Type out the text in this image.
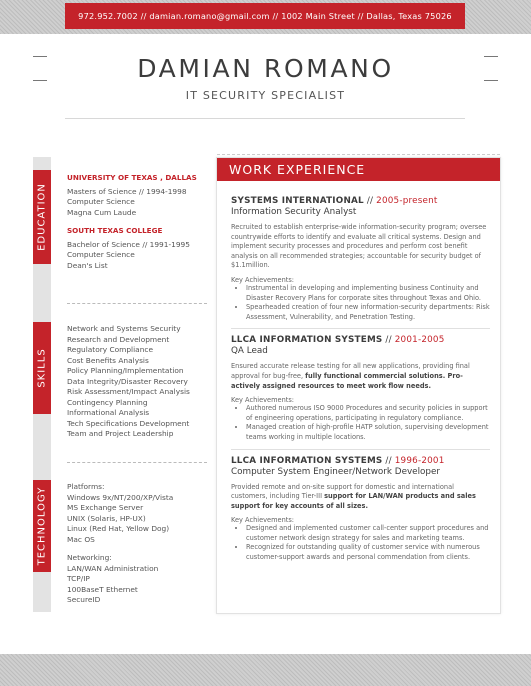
972.952.7002 // damian.romano@gmail.com // 1002 Main Street // Dallas, Texas 75026
DAMIAN ROMANO
IT SECURITY SPECIALIST
EDUCATION
SKILLS
TECHNOLOGY
UNIVERSITY OF TEXAS , DALLAS
Masters of Science // 1994-1998
Computer Science
Magna Cum Laude
SOUTH TEXAS COLLEGE
Bachelor of Science // 1991-1995
Computer Science
Dean's List
Network and Systems Security
Research and Development
Regulatory Compliance
Cost Benefits Analysis
Policy Planning/Implementation
Data Integrity/Disaster Recovery
Risk Assessment/Impact Analysis
Contingency Planning
Informational Analysis
Tech Specifications Development
Team and Project Leadership
Platforms:
Windows 9x/NT/200/XP/Vista
MS Exchange Server
UNIX (Solaris, HP-UX)
Linux (Red Hat, Yellow Dog)
Mac OS
Networking:
LAN/WAN Administration
TCP/IP
100BaseT Ethernet
SecureID
WORK EXPERIENCE
SYSTEMS INTERNATIONAL // 2005-present
Information Security Analyst
Recruited to establish enterprise-wide information-security program; oversee countrywide efforts to identify and evaluate all critical systems. Design and implement security processes and procedures and perform cost benefit analysis on all recommended strategies; accountable for security budget of $1.1million.
Key Achievements:
• Instrumental in developing and implementing business Continuity and Disaster Recovery Plans for corporate sites throughout Texas and Ohio.
• Spearheaded creation of four new information-security departments: Risk Assessment, Vulnerability, and Penetration Testing.
LLCA INFORMATION SYSTEMS // 2001-2005
QA Lead
Ensured accurate release testing for all new applications, providing final approval for bug-free, fully functional commercial solutions. Pro-actively assigned resources to meet work flow needs.
Key Achievements:
• Authored numerous ISO 9000 Procedures and security policies in support of engineering operations, participating in regulatory compliance.
• Managed creation of high-profile HATP solution, supervising development teams working in multiple locations.
LLCA INFORMATION SYSTEMS // 1996-2001
Computer System Engineer/Network Developer
Provided remote and on-site support for domestic and international customers, including Tier-III support for LAN/WAN products and sales support for key accounts of all sizes.
Key Achievements:
• Designed and implemented customer call-center support procedures and customer network design strategy for sales and marketing teams.
• Recognized for outstanding quality of customer service with numerous customer-support awards and personal commendation from clients.
